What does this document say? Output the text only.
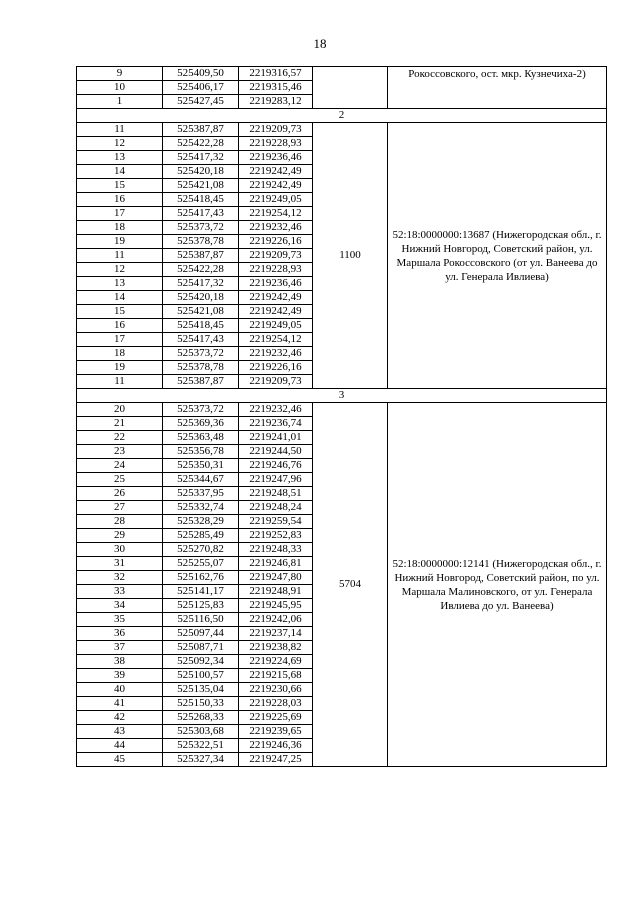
18
9	525409,50	2219316,57		Рокоссовского, ост. мкр. Кузнечиха-2)
10	525406,17	2219315,46		
1	525427,45	2219283,12		
2				
11	525387,87	2219209,73	1100	52:18:0000000:13687 (Нижегородская обл., г. Нижний Новгород, Советский район, ул. Маршала Рокоссовского (от ул. Ванеева до ул. Генерала Ивлиева)
12	525422,28	2219228,93		
13	525417,32	2219236,46		
14	525420,18	2219242,49		
15	525421,08	2219242,49		
16	525418,45	2219249,05		
17	525417,43	2219254,12		
18	525373,72	2219232,46		
19	525378,78	2219226,16		
11	525387,87	2219209,73		
12	525422,28	2219228,93		
13	525417,32	2219236,46		
14	525420,18	2219242,49		
15	525421,08	2219242,49		
16	525418,45	2219249,05		
17	525417,43	2219254,12		
18	525373,72	2219232,46		
19	525378,78	2219226,16		
11	525387,87	2219209,73		
3				
20	525373,72	2219232,46	5704	52:18:0000000:12141 (Нижегородская обл., г. Нижний Новгород, Советский район, по ул. Маршала Малиновского, от ул. Генерала Ивлиева до ул. Ванеева)
21	525369,36	2219236,74		
22	525363,48	2219241,01		
23	525356,78	2219244,50		
24	525350,31	2219246,76		
25	525344,67	2219247,96		
26	525337,95	2219248,51		
27	525332,74	2219248,24		
28	525328,29	2219259,54		
29	525285,49	2219252,83		
30	525270,82	2219248,33		
31	525255,07	2219246,81		
32	525162,76	2219247,80		
33	525141,17	2219248,91		
34	525125,83	2219245,95		
35	525116,50	2219242,06		
36	525097,44	2219237,14		
37	525087,71	2219238,82		
38	525092,34	2219224,69		
39	525100,57	2219215,68		
40	525135,04	2219230,66		
41	525150,33	2219228,03		
42	525268,33	2219225,69		
43	525303,68	2219239,65		
44	525322,51	2219246,36		
45	525327,34	2219247,25		
